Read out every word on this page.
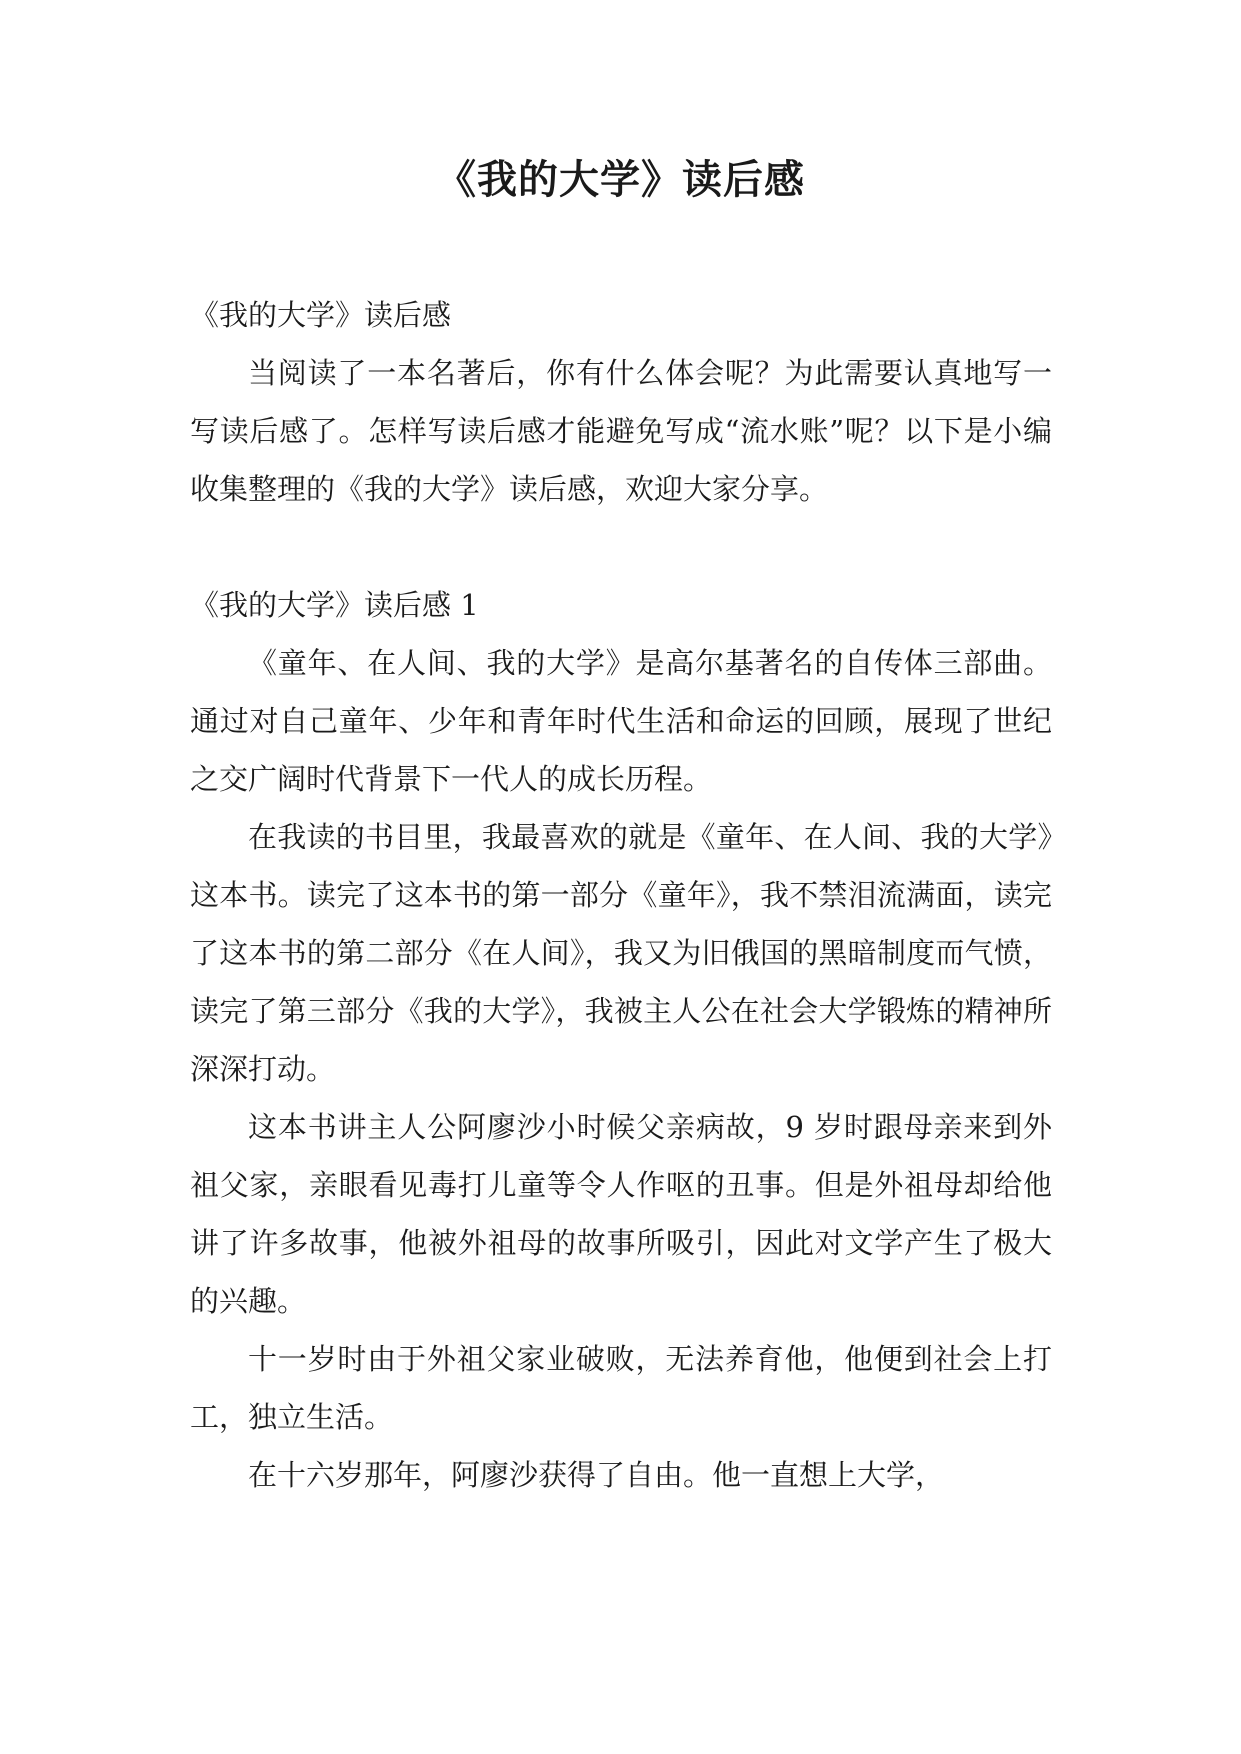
《我的大学》读后感

《我的大学》读后感

当阅读了一本名著后，你有什么体会呢？为此需要认真地写一写读后感了。怎样写读后感才能避免写成“流水账”呢？以下是小编收集整理的《我的大学》读后感，欢迎大家分享。

《我的大学》读后感 1

《童年、在人间、我的大学》是高尔基著名的自传体三部曲。通过对自己童年、少年和青年时代生活和命运的回顾，展现了世纪之交广阔时代背景下一代人的成长历程。

在我读的书目里，我最喜欢的就是《童年、在人间、我的大学》这本书。读完了这本书的第一部分《童年》，我不禁泪流满面，读完了这本书的第二部分《在人间》，我又为旧俄国的黑暗制度而气愤，读完了第三部分《我的大学》，我被主人公在社会大学锻炼的精神所深深打动。

这本书讲主人公阿廖沙小时候父亲病故，9 岁时跟母亲来到外祖父家，亲眼看见毒打儿童等令人作呕的丑事。但是外祖母却给他讲了许多故事，他被外祖母的故事所吸引，因此对文学产生了极大的兴趣。

十一岁时由于外祖父家业破败，无法养育他，他便到社会上打工，独立生活。

在十六岁那年，阿廖沙获得了自由。他一直想上大学，
